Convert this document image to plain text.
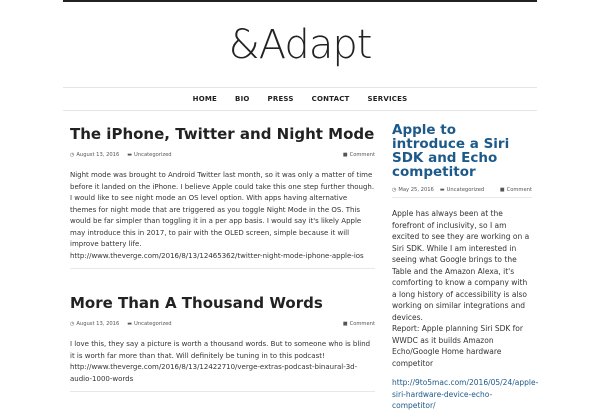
&Adapt
HOME	BIO	PRESS	CONTACT	SERVICES
The iPhone, Twitter and Night Mode
◷ August 13, 2016 ▬ Uncategorized	■ Comment

Night mode was brought to Android Twitter last month, so it was only a matter of time before it landed on the iPhone. I believe Apple could take this one step further though. I would like to see night mode an OS level option. With apps having alternative themes for night mode that are triggered as you toggle Night Mode in the OS. This would be far simpler than toggling it in a per app basis. I would say it's likely Apple may introduce this in 2017, to pair with the OLED screen, simple because it will improve battery life.

http://www.theverge.com/2016/8/13/12465362/twitter-night-mode-iphone-apple-ios

More Than A Thousand Words
◷ August 13, 2016 ▬ Uncategorized	■ Comment

I love this, they say a picture is worth a thousand words. But to someone who is blind it is worth far more than that. Will definitely be tuning in to this podcast!

http://www.theverge.com/2016/8/13/12422710/verge-extras-podcast-binaural-3d-audio-1000-words

Apple to introduce a Siri SDK and Echo competitor
◷ May 25, 2016 ▬ Uncategorized	■ Comment

Apple has always been at the forefront of inclusivity, so I am excited to see they are working on a Siri SDK. While I am interested in seeing what Google brings to the Table and the Amazon Alexa, it's comforting to know a company with a long history of accessibility is also working on similar integrations and devices.

Report: Apple planning Siri SDK for WWDC as it builds Amazon Echo/Google Home hardware competitor

http://9to5mac.com/2016/05/24/apple-siri-hardware-device-echo-competitor/
